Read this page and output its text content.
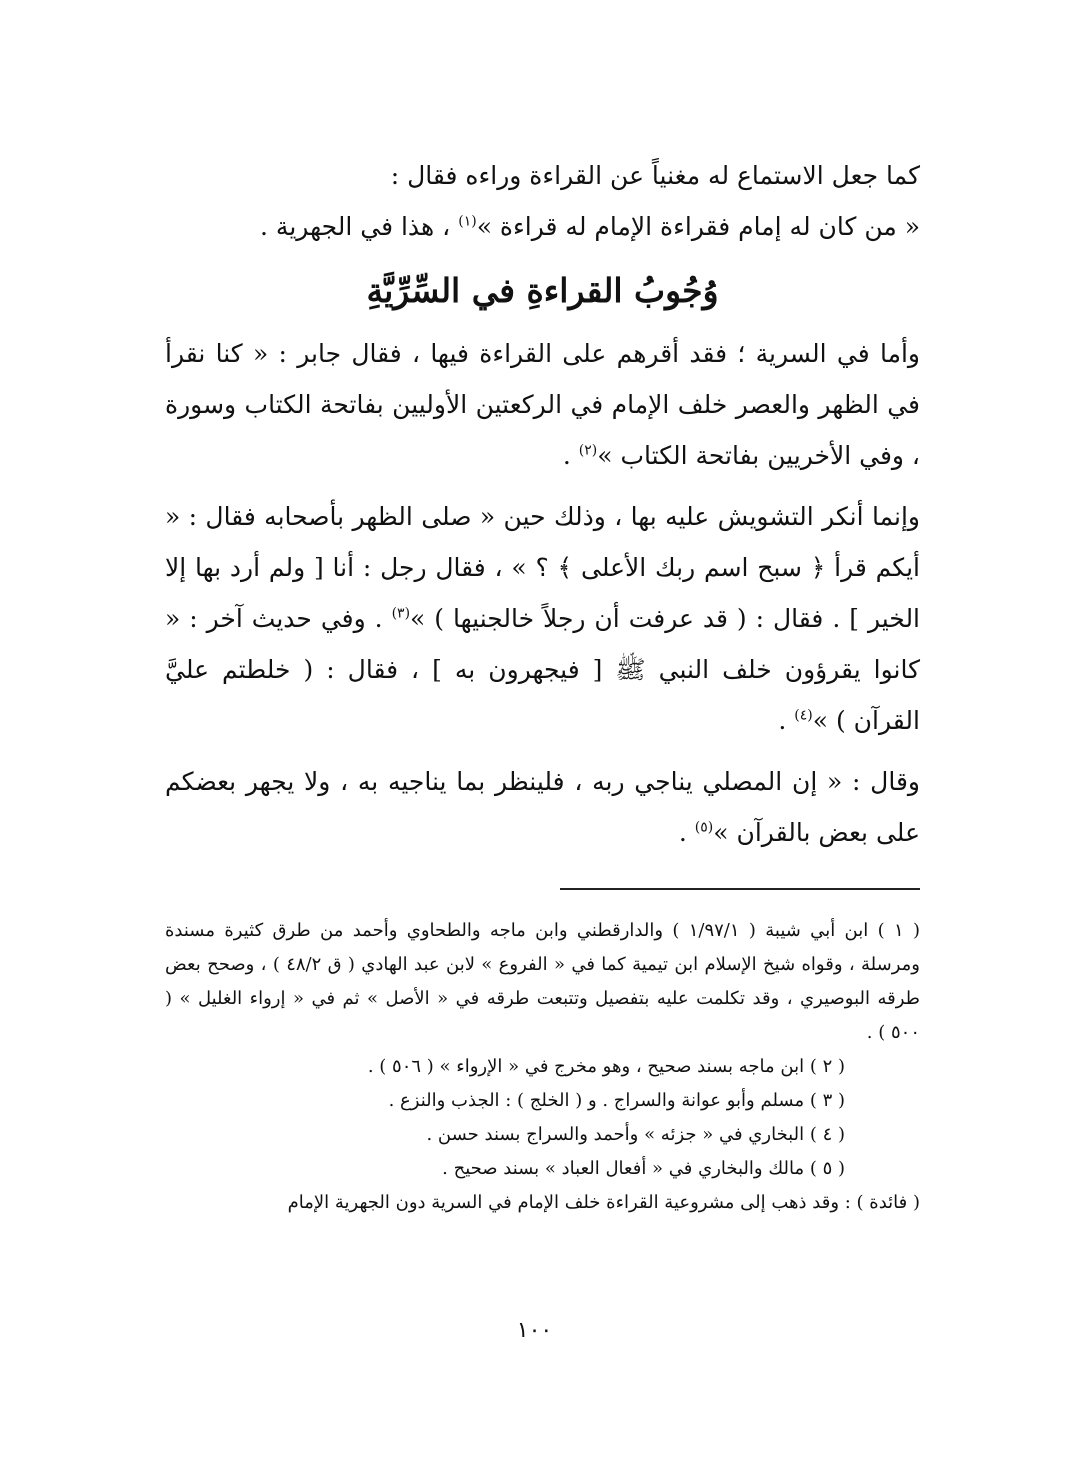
كما جعل الاستماع له مغنياً عن القراءة وراءه فقال :

« من كان له إمام فقراءة الإمام له قراءة »$^{(١)}$ ، هذا في الجهرية .

وُجُوبُ القراءةِ في السِّرِّيَّةِ

وأما في السرية ؛ فقد أقرهم على القراءة فيها ، فقال جابر : « كنا نقرأ في الظهر والعصر خلف الإمام في الركعتين الأوليين بفاتحة الكتاب وسورة ، وفي الأخريين بفاتحة الكتاب »$^{(٢)}$ .

وإنما أنكر التشويش عليه بها ، وذلك حين « صلى الظهر بأصحابه فقال : « أيكم قرأ ﴿ سبح اسم ربك الأعلى ﴾ ؟ » ، فقال رجل : أنا [ ولم أرد بها إلا الخير ] . فقال : ( قد عرفت أن رجلاً خالجنيها ) »$^{(٣)}$ . وفي حديث آخر : « كانوا يقرؤون خلف النبي ﷺ [ فيجهرون به ] ، فقال : ( خلطتم عليَّ القرآن ) »$^{(٤)}$ .

وقال : « إن المصلي يناجي ربه ، فلينظر بما يناجيه به ، ولا يجهر بعضكم على بعض بالقرآن »$^{(٥)}$ .

( ١ ) ابن أبي شيبة ( ١/٩٧/١ ) والدارقطني وابن ماجه والطحاوي وأحمد من طرق كثيرة مسندة ومرسلة ، وقواه شيخ الإسلام ابن تيمية كما في « الفروع » لابن عبد الهادي ( ق ٤٨/٢ ) ، وصحح بعض طرقه البوصيري ، وقد تكلمت عليه بتفصيل وتتبعت طرقه في « الأصل » ثم في « إرواء الغليل » ( ٥٠٠ ) .

( ٢ ) ابن ماجه بسند صحيح ، وهو مخرج في « الإرواء » ( ٥٠٦ ) .

( ٣ ) مسلم وأبو عوانة والسراج . و ( الخلج ) : الجذب والنزع .

( ٤ ) البخاري في « جزئه » وأحمد والسراج بسند حسن .

( ٥ ) مالك والبخاري في « أفعال العباد » بسند صحيح .

( فائدة ) : وقد ذهب إلى مشروعية القراءة خلف الإمام في السرية دون الجهرية الإمام

١٠٠
